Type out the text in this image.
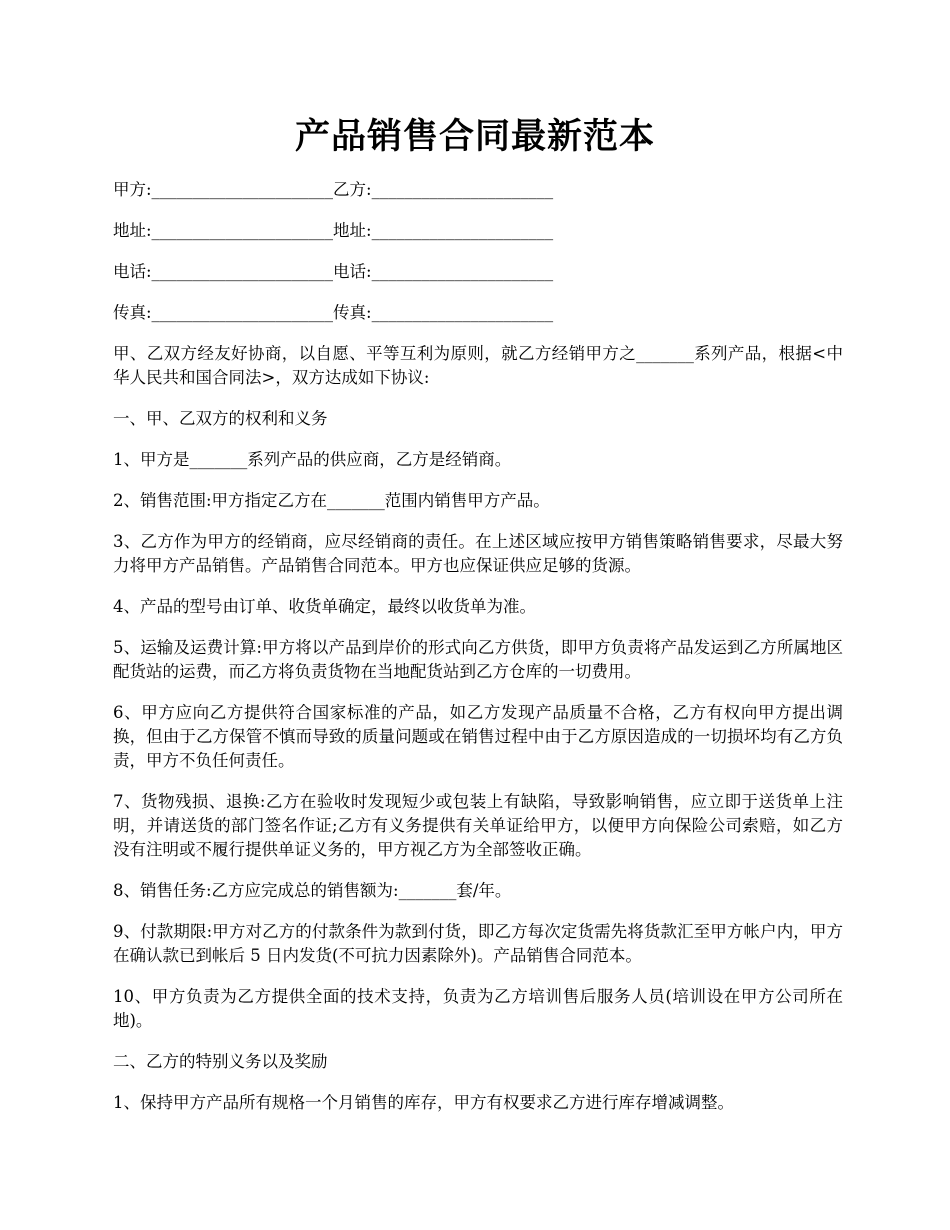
产品销售合同最新范本

甲方:______________________乙方:______________________

地址:______________________地址:______________________

电话:______________________电话:______________________

传真:______________________传真:______________________

甲、乙双方经友好协商，以自愿、平等互利为原则，就乙方经销甲方之_______系列产品，根据<中华人民共和国合同法>，双方达成如下协议:

一、甲、乙双方的权利和义务

1、甲方是_______系列产品的供应商，乙方是经销商。

2、销售范围:甲方指定乙方在_______范围内销售甲方产品。

3、乙方作为甲方的经销商，应尽经销商的责任。在上述区域应按甲方销售策略销售要求，尽最大努力将甲方产品销售。产品销售合同范本。甲方也应保证供应足够的货源。

4、产品的型号由订单、收货单确定，最终以收货单为准。

5、运输及运费计算:甲方将以产品到岸价的形式向乙方供货，即甲方负责将产品发运到乙方所属地区配货站的运费，而乙方将负责货物在当地配货站到乙方仓库的一切费用。

6、甲方应向乙方提供符合国家标准的产品，如乙方发现产品质量不合格，乙方有权向甲方提出调换，但由于乙方保管不慎而导致的质量问题或在销售过程中由于乙方原因造成的一切损坏均有乙方负责，甲方不负任何责任。

7、货物残损、退换:乙方在验收时发现短少或包装上有缺陷，导致影响销售，应立即于送货单上注明，并请送货的部门签名作证;乙方有义务提供有关单证给甲方，以便甲方向保险公司索赔，如乙方没有注明或不履行提供单证义务的，甲方视乙方为全部签收正确。

8、销售任务:乙方应完成总的销售额为:_______套/年。

9、付款期限:甲方对乙方的付款条件为款到付货，即乙方每次定货需先将货款汇至甲方帐户内，甲方在确认款已到帐后 5 日内发货(不可抗力因素除外)。产品销售合同范本。

10、甲方负责为乙方提供全面的技术支持，负责为乙方培训售后服务人员(培训设在甲方公司所在地)。

二、乙方的特别义务以及奖励

1、保持甲方产品所有规格一个月销售的库存，甲方有权要求乙方进行库存增减调整。
